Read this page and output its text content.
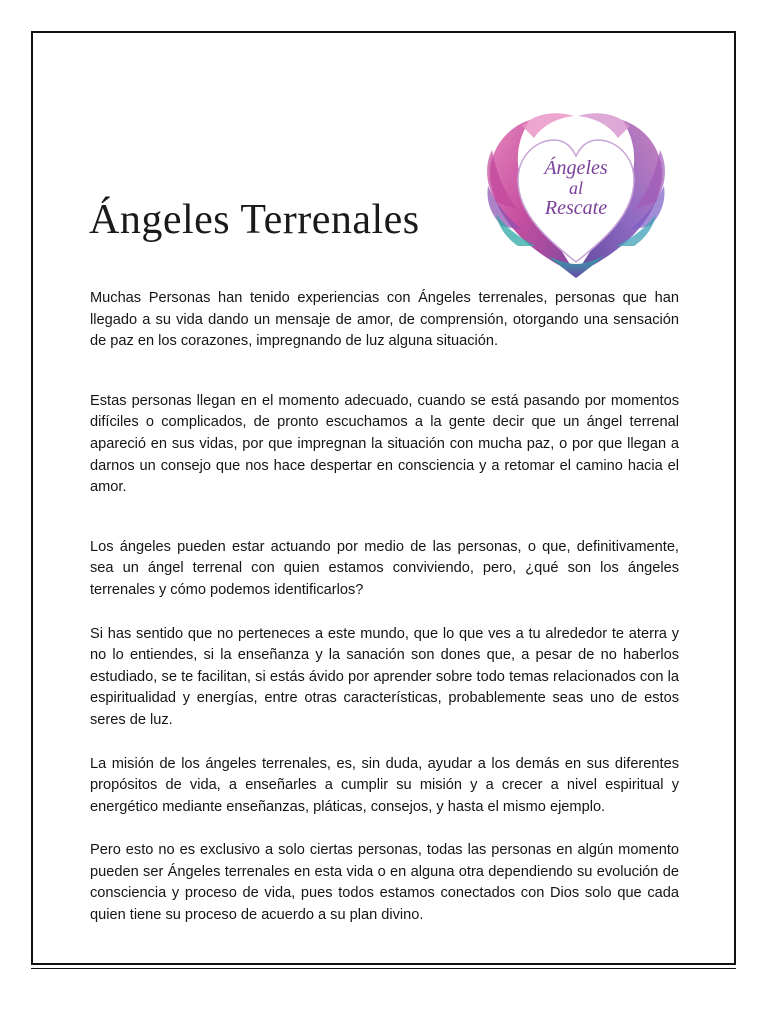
Ángeles Terrenales
Ángeles
al
Rescate

Muchas Personas han tenido experiencias con Ángeles terrenales, personas que han llegado a su vida dando un mensaje de amor, de comprensión, otorgando una sensación de paz en los corazones, impregnando de luz alguna situación.

Estas personas llegan en el momento adecuado, cuando se está pasando por momentos difíciles o complicados, de pronto escuchamos a la gente decir que un ángel terrenal apareció en sus vidas, por que impregnan la situación con mucha paz, o por que llegan a darnos un consejo que nos hace despertar en consciencia y a retomar el camino hacia el amor.

Los ángeles pueden estar actuando por medio de las personas, o que, definitivamente, sea un ángel terrenal con quien estamos conviviendo, pero, ¿qué son los ángeles terrenales y cómo podemos identificarlos?

Si has sentido que no perteneces a este mundo, que lo que ves a tu alrededor te aterra y no lo entiendes, si la enseñanza y la sanación son dones que, a pesar de no haberlos estudiado, se te facilitan, si estás ávido por aprender sobre todo temas relacionados con la espiritualidad y energías, entre otras características, probablemente seas uno de estos seres de luz.

La misión de los ángeles terrenales, es, sin duda, ayudar a los demás en sus diferentes propósitos de vida, a enseñarles a cumplir su misión y a crecer a nivel espiritual y energético mediante enseñanzas, pláticas, consejos, y hasta el mismo ejemplo.

Pero esto no es exclusivo a solo ciertas personas, todas las personas en algún momento pueden ser Ángeles terrenales en esta vida o en alguna otra dependiendo su evolución de consciencia y proceso de vida, pues todos estamos conectados con Dios solo que cada quien tiene su proceso de acuerdo a su plan divino.
